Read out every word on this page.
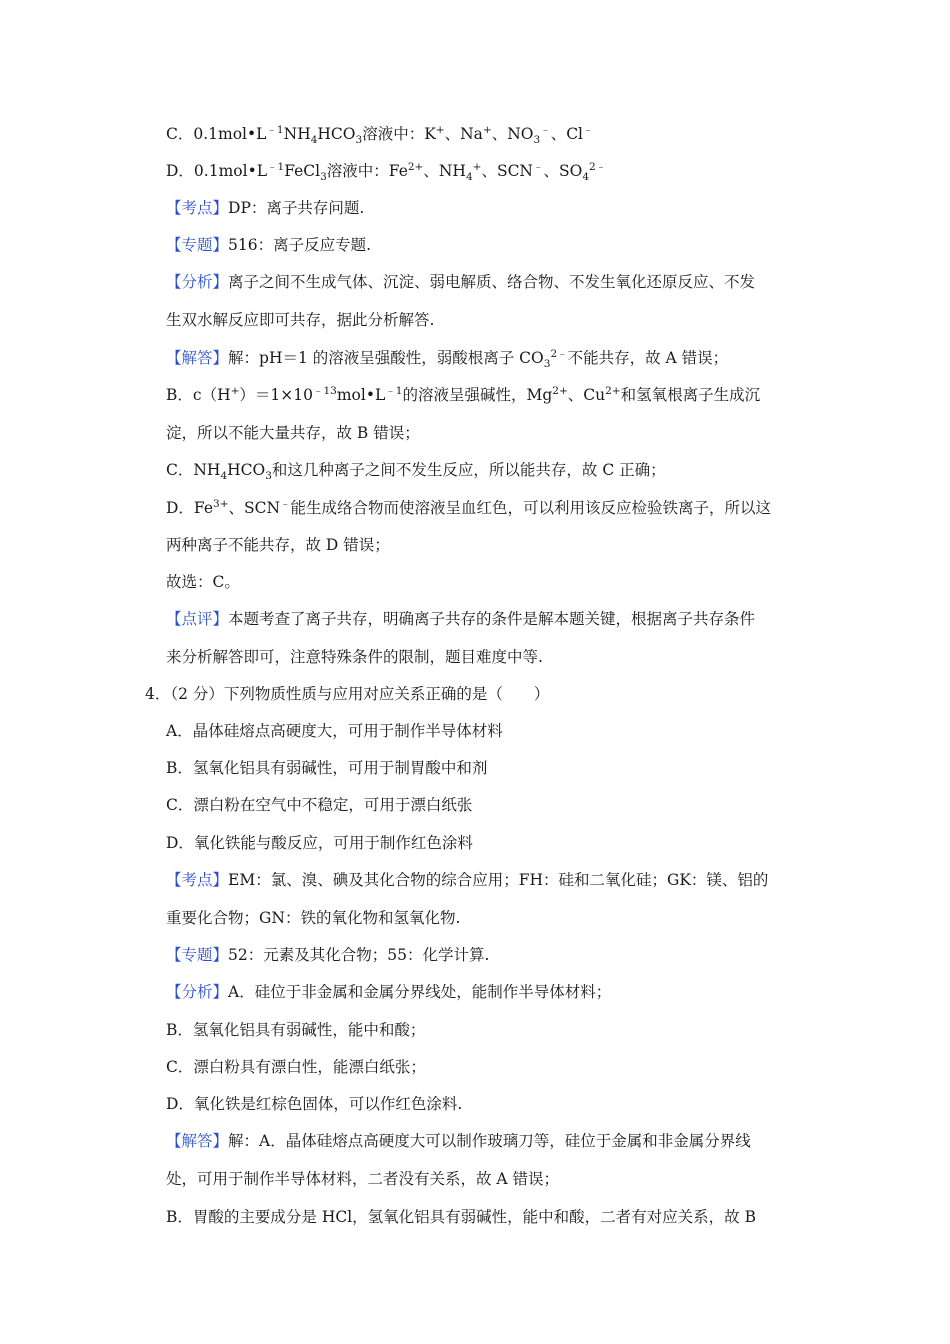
C．$0.1mol•L^{﹣1}NH_4HCO_3$溶液中：K+、Na+、$NO_3^﹣$、Cl﹣
D．$0.1mol•L^{﹣1}FeCl_3$溶液中：$Fe^{2+}$、$NH_4^+$、SCN﹣、$SO_4^{2﹣}$
【考点】DP：离子共存问题.
【专题】516：离子反应专题.
【分析】离子之间不生成气体、沉淀、弱电解质、络合物、不发生氧化还原反应、不发
生双水解反应即可共存，据此分析解答.
【解答】解：pH＝1 的溶液呈强酸性，弱酸根离子 $CO_3^{2﹣}$不能共存，故 A 错误；
B．$c(H^+)=1\times 10^{﹣13}mol•L^{﹣1}$的溶液呈强碱性，$Mg^{2+}$、$Cu^{2+}$和氢氧根离子生成沉
淀，所以不能大量共存，故 B 错误；
C．$NH_4HCO_3$和这几种离子之间不发生反应，所以能共存，故 C 正确；
D．$Fe^{3+}$、SCN﹣能生成络合物而使溶液呈血红色，可以利用该反应检验铁离子，所以这
两种离子不能共存，故 D 错误；
故选：C。
【点评】本题考查了离子共存，明确离子共存的条件是解本题关键，根据离子共存条件
来分析解答即可，注意特殊条件的限制，题目难度中等.
4．（2 分）下列物质性质与应用对应关系正确的是（　　）
A．晶体硅熔点高硬度大，可用于制作半导体材料
B．氢氧化铝具有弱碱性，可用于制胃酸中和剂
C．漂白粉在空气中不稳定，可用于漂白纸张
D．氧化铁能与酸反应，可用于制作红色涂料
【考点】EM：氯、溴、碘及其化合物的综合应用；FH：硅和二氧化硅；GK：镁、铝的
重要化合物；GN：铁的氧化物和氢氧化物.
【专题】52：元素及其化合物；55：化学计算.
【分析】A．硅位于非金属和金属分界线处，能制作半导体材料；
B．氢氧化铝具有弱碱性，能中和酸；
C．漂白粉具有漂白性，能漂白纸张；
D．氧化铁是红棕色固体，可以作红色涂料.
【解答】解：A．晶体硅熔点高硬度大可以制作玻璃刀等，硅位于金属和非金属分界线
处，可用于制作半导体材料，二者没有关系，故 A 错误；
B．胃酸的主要成分是 HCl，氢氧化铝具有弱碱性，能中和酸，二者有对应关系，故 B
